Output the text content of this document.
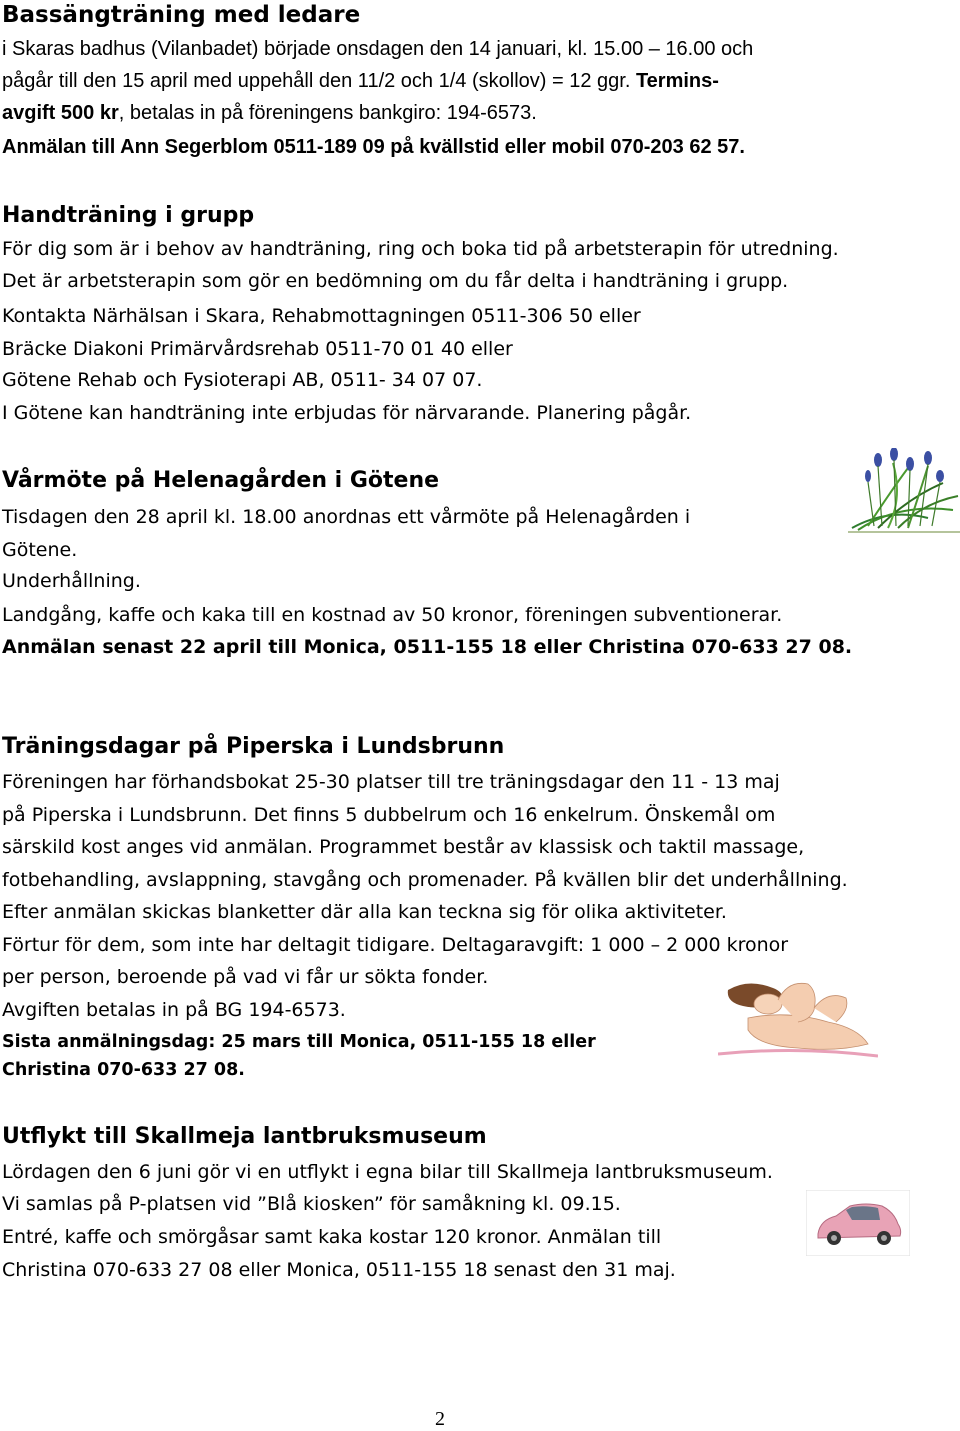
Bassängträning med ledare
i Skaras badhus (Vilanbadet) började onsdagen den 14 januari, kl. 15.00 – 16.00 och
pågår till den 15 april med uppehåll den 11/2 och 1/4 (skollov) = 12 ggr. Termins-
avgift 500 kr, betalas in på föreningens bankgiro: 194-6573.
Anmälan till Ann Segerblom 0511-189 09 på kvällstid eller mobil 070-203 62 57.
Handträning i grupp
För dig som är i behov av handträning, ring och boka tid på arbetsterapin för utredning.
Det är arbetsterapin som gör en bedömning om du får delta i handträning i grupp.
Kontakta Närhälsan i Skara, Rehabmottagningen 0511-306 50 eller
Bräcke Diakoni Primärvårdsrehab 0511-70 01 40 eller
Götene Rehab och Fysioterapi AB, 0511- 34 07 07.
I Götene kan handträning inte erbjudas för närvarande. Planering pågår.
Vårmöte på Helenagården i Götene
Tisdagen den 28 april kl. 18.00 anordnas ett vårmöte på Helenagården i
Götene.
Underhållning.
Landgång, kaffe och kaka till en kostnad av 50 kronor, föreningen subventionerar.
Anmälan senast 22 april till Monica, 0511-155 18 eller Christina 070-633 27 08.
Träningsdagar på Piperska i Lundsbrunn
Föreningen har förhandsbokat 25-30 platser till tre träningsdagar den 11 - 13 maj
på Piperska i Lundsbrunn. Det finns 5 dubbelrum och 16 enkelrum. Önskemål om
särskild kost anges vid anmälan. Programmet består av klassisk och taktil massage,
fotbehandling, avslappning, stavgång och promenader. På kvällen blir det underhållning.
Efter anmälan skickas blanketter där alla kan teckna sig för olika aktiviteter.
Förtur för dem, som inte har deltagit tidigare. Deltagaravgift: 1 000 – 2 000 kronor
per person, beroende på vad vi får ur sökta fonder.
Avgiften betalas in på BG 194-6573.
Sista anmälningsdag: 25 mars till Monica, 0511-155 18 eller
Christina 070-633 27 08.
Utflykt till Skallmeja lantbruksmuseum
Lördagen den 6 juni gör vi en utflykt i egna bilar till Skallmeja lantbruksmuseum.
Vi samlas på P-platsen vid ”Blå kiosken” för samåkning kl. 09.15.
Entré, kaffe och smörgåsar samt kaka kostar 120 kronor. Anmälan till
Christina 070-633 27 08 eller Monica, 0511-155 18 senast den 31 maj.
2
